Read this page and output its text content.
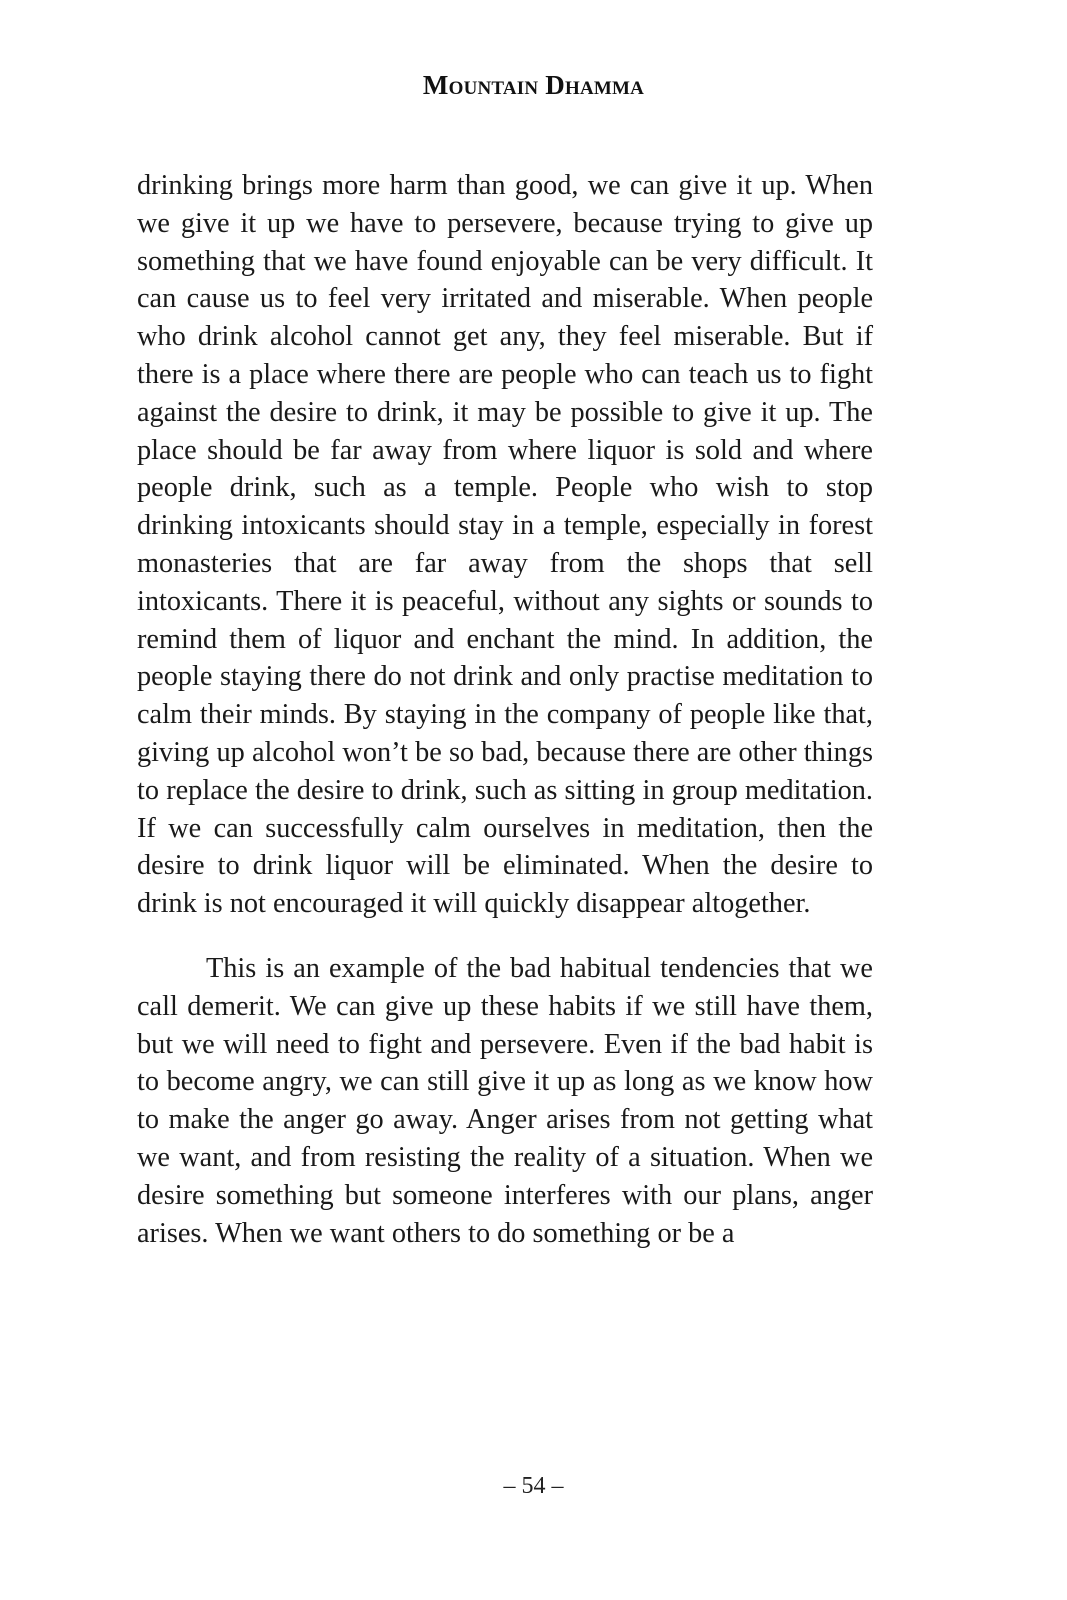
Mountain Dhamma

drinking brings more harm than good, we can give it up. When we give it up we have to persevere, because trying to give up something that we have found enjoyable can be very difficult. It can cause us to feel very irritated and miserable. When people who drink alcohol cannot get any, they feel miserable. But if there is a place where there are people who can teach us to fight against the desire to drink, it may be possible to give it up. The place should be far away from where liquor is sold and where people drink, such as a temple. People who wish to stop drinking intoxicants should stay in a temple, especially in forest monasteries that are far away from the shops that sell intoxicants. There it is peaceful, without any sights or sounds to remind them of liquor and enchant the mind. In addition, the people staying there do not drink and only practise meditation to calm their minds. By staying in the company of people like that, giving up alcohol won’t be so bad, because there are other things to replace the desire to drink, such as sitting in group meditation. If we can successfully calm ourselves in meditation, then the desire to drink liquor will be eliminated. When the desire to drink is not encouraged it will quickly disappear altogether.

This is an example of the bad habitual tendencies that we call demerit. We can give up these habits if we still have them, but we will need to fight and persevere. Even if the bad habit is to become angry, we can still give it up as long as we know how to make the anger go away. Anger arises from not getting what we want, and from resisting the reality of a situation. When we desire something but someone interferes with our plans, anger arises. When we want others to do something or be a

– 54 –
